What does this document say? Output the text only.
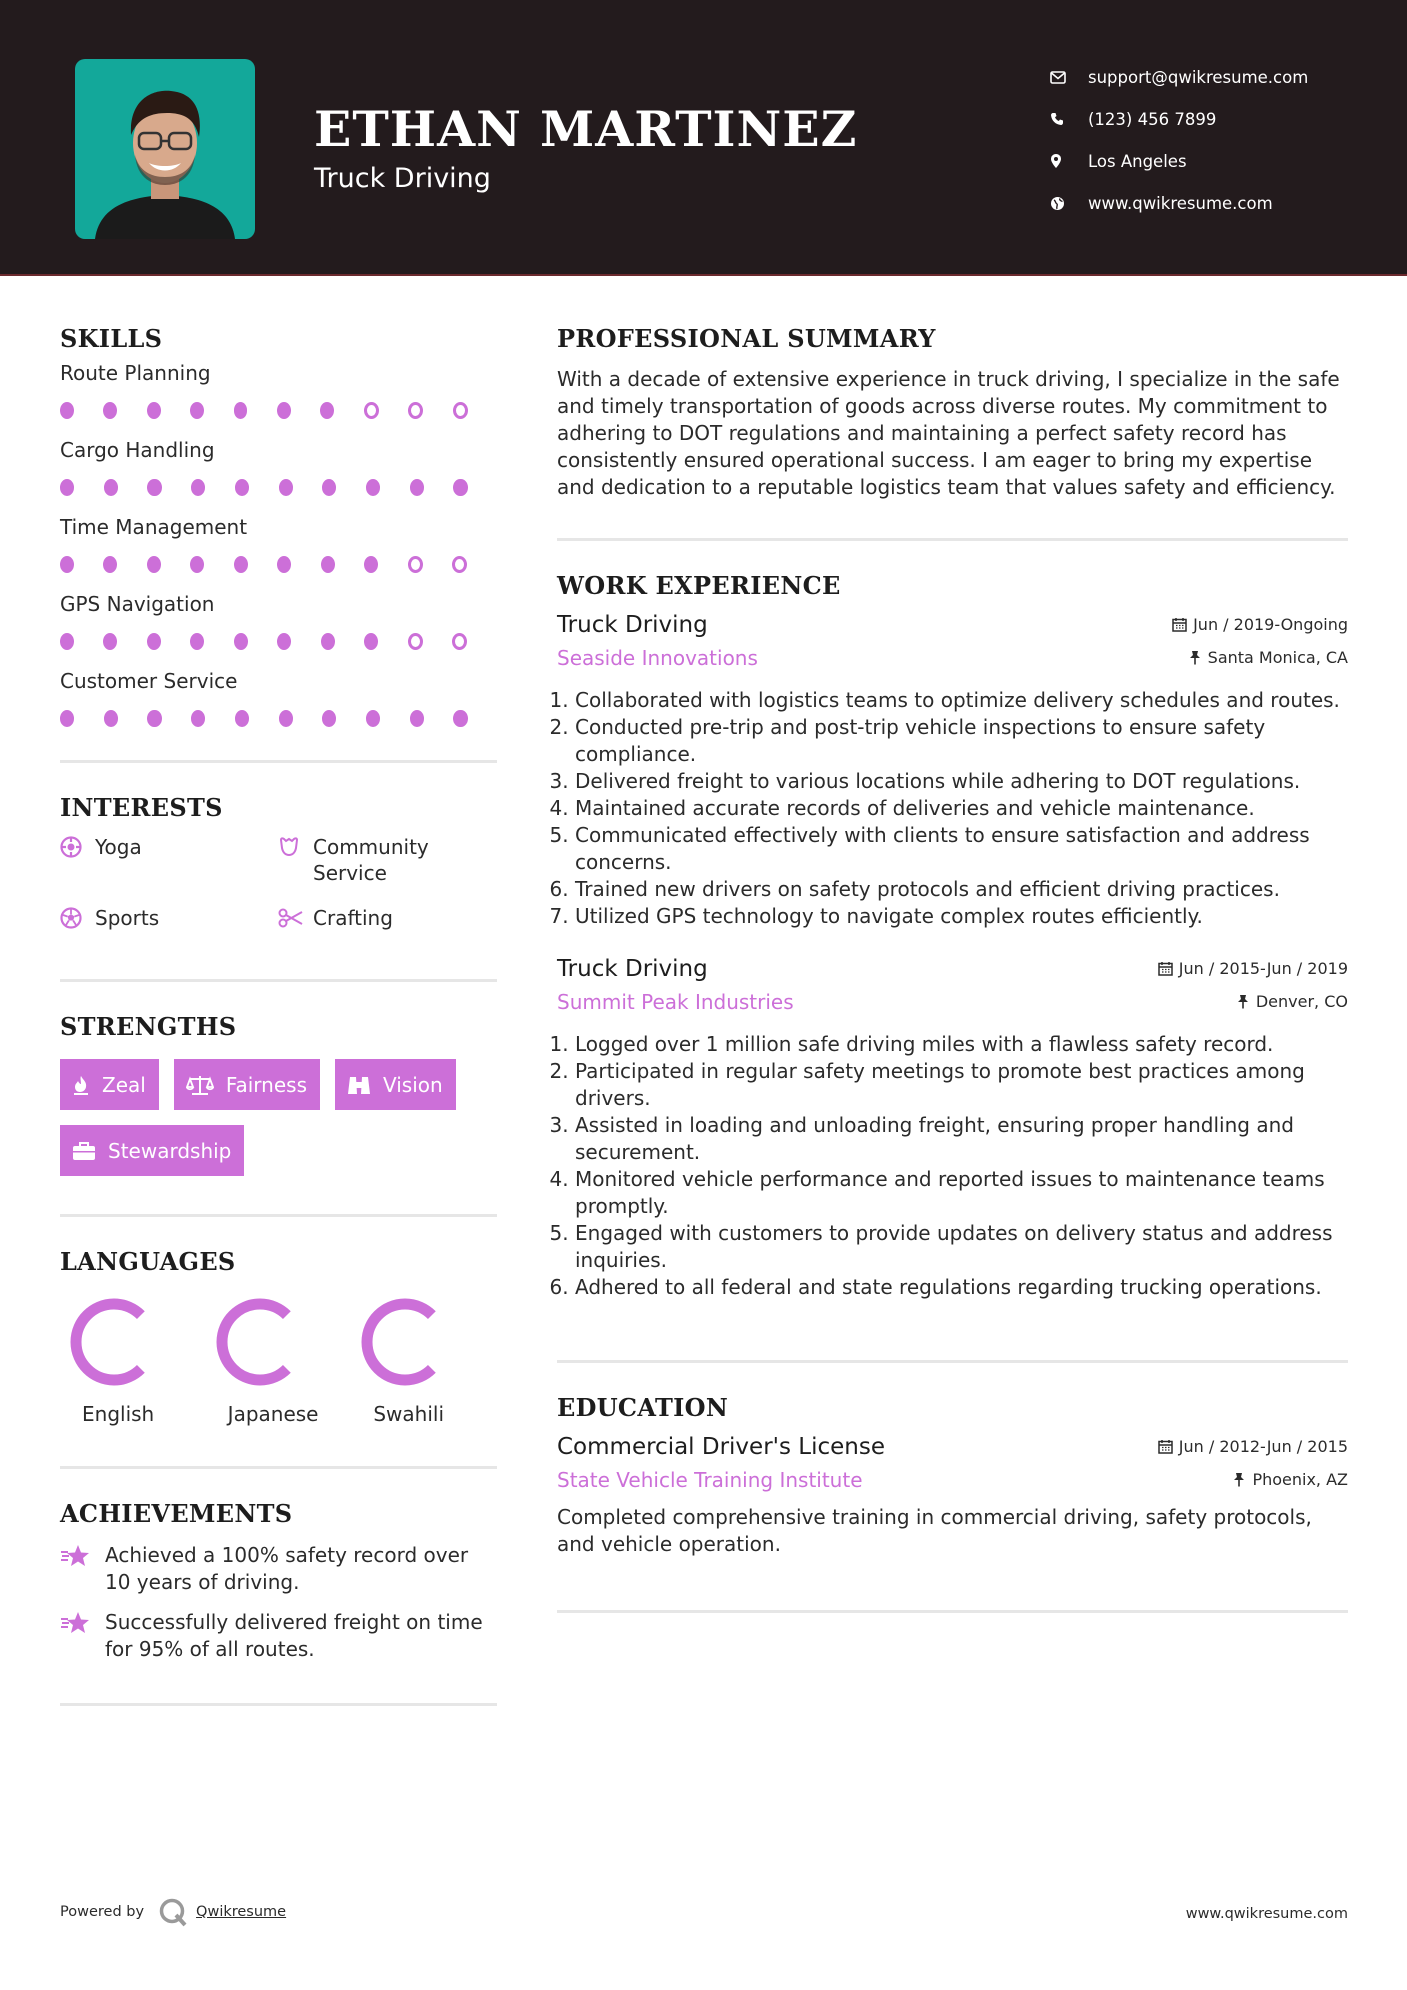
ETHAN MARTINEZ
Truck Driving
support@qwikresume.com
(123) 456 7899
Los Angeles
www.qwikresume.com
SKILLS
Route Planning
Cargo Handling
Time Management
GPS Navigation
Customer Service
INTERESTS
Yoga	Community Service
Sports	Crafting
STRENGTHS
Zeal	Fairness	Vision
Stewardship
LANGUAGES
English	Japanese	Swahili
ACHIEVEMENTS
Achieved a 100% safety record over 10 years of driving.
Successfully delivered freight on time for 95% of all routes.
PROFESSIONAL SUMMARY
With a decade of extensive experience in truck driving, I specialize in the safe and timely transportation of goods across diverse routes. My commitment to adhering to DOT regulations and maintaining a perfect safety record has consistently ensured operational success. I am eager to bring my expertise and dedication to a reputable logistics team that values safety and efficiency.
WORK EXPERIENCE
Truck Driving	Jun / 2019-Ongoing
Seaside Innovations	Santa Monica, CA
1. Collaborated with logistics teams to optimize delivery schedules and routes.
2. Conducted pre-trip and post-trip vehicle inspections to ensure safety compliance.
3. Delivered freight to various locations while adhering to DOT regulations.
4. Maintained accurate records of deliveries and vehicle maintenance.
5. Communicated effectively with clients to ensure satisfaction and address concerns.
6. Trained new drivers on safety protocols and efficient driving practices.
7. Utilized GPS technology to navigate complex routes efficiently.
Truck Driving	Jun / 2015-Jun / 2019
Summit Peak Industries	Denver, CO
1. Logged over 1 million safe driving miles with a flawless safety record.
2. Participated in regular safety meetings to promote best practices among drivers.
3. Assisted in loading and unloading freight, ensuring proper handling and securement.
4. Monitored vehicle performance and reported issues to maintenance teams promptly.
5. Engaged with customers to provide updates on delivery status and address inquiries.
6. Adhered to all federal and state regulations regarding trucking operations.
EDUCATION
Commercial Driver's License	Jun / 2012-Jun / 2015
State Vehicle Training Institute	Phoenix, AZ
Completed comprehensive training in commercial driving, safety protocols, and vehicle operation.
Powered by	Qwikresume	www.qwikresume.com
